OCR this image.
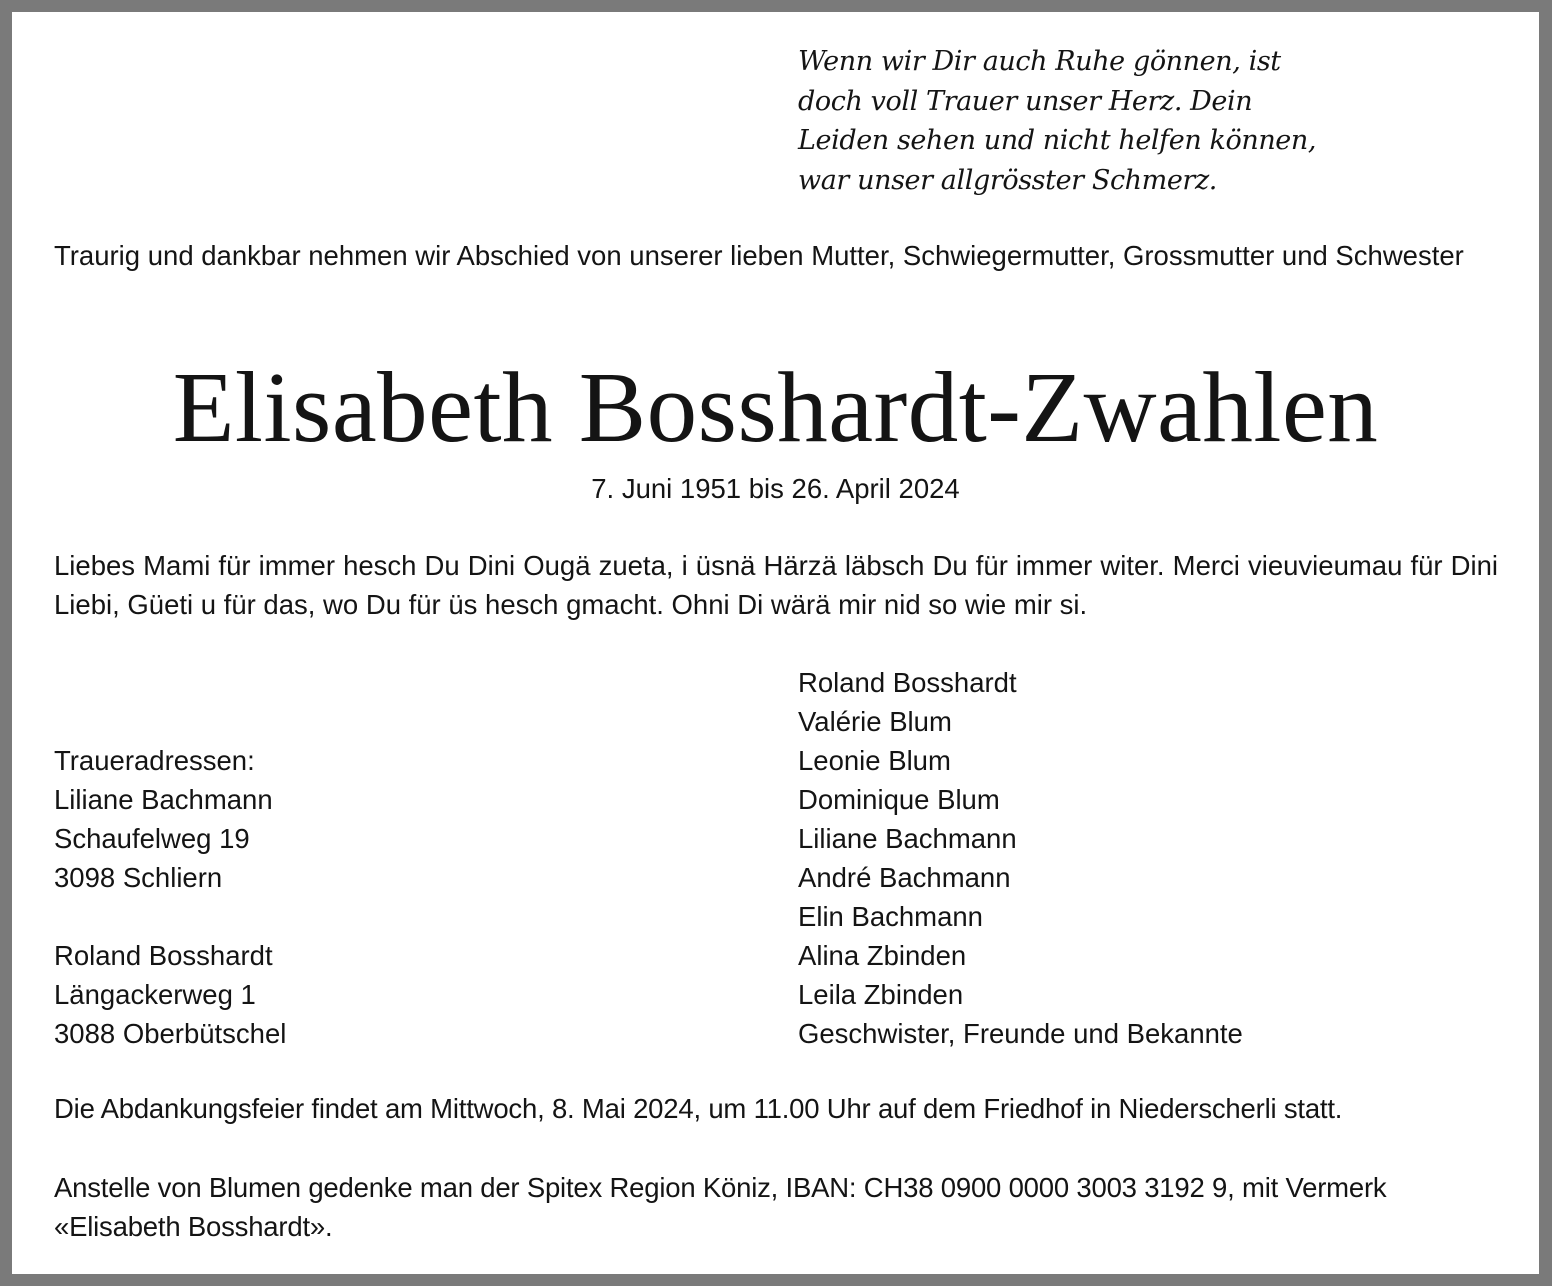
Wenn wir Dir auch Ruhe gönnen, ist
doch voll Trauer unser Herz. Dein
Leiden sehen und nicht helfen können,
war unser allgrösster Schmerz.
Traurig und dankbar nehmen wir Abschied von unserer lieben Mutter, Schwiegermutter, Grossmutter und Schwester
Elisabeth Bosshardt-Zwahlen
7. Juni 1951 bis 26. April 2024
Liebes Mami für immer hesch Du Dini Ougä zueta, i üsnä Härzä läbsch Du für immer witer. Merci vieuvieumau für Dini Liebi, Güeti u für das, wo Du für üs hesch gmacht. Ohni Di wärä mir nid so wie mir si.
Traueradressen:
Liliane Bachmann
Schaufelweg 19
3098 Schliern
Roland Bosshardt
Längackerweg 1
3088 Oberbütschel
Roland Bosshardt
Valérie Blum
Leonie Blum
Dominique Blum
Liliane Bachmann
André Bachmann
Elin Bachmann
Alina Zbinden
Leila Zbinden
Geschwister, Freunde und Bekannte
Die Abdankungsfeier findet am Mittwoch, 8. Mai 2024, um 11.00 Uhr auf dem Friedhof in Niederscherli statt.
Anstelle von Blumen gedenke man der Spitex Region Köniz, IBAN: CH38 0900 0000 3003 3192 9, mit Vermerk
«Elisabeth Bosshardt».
